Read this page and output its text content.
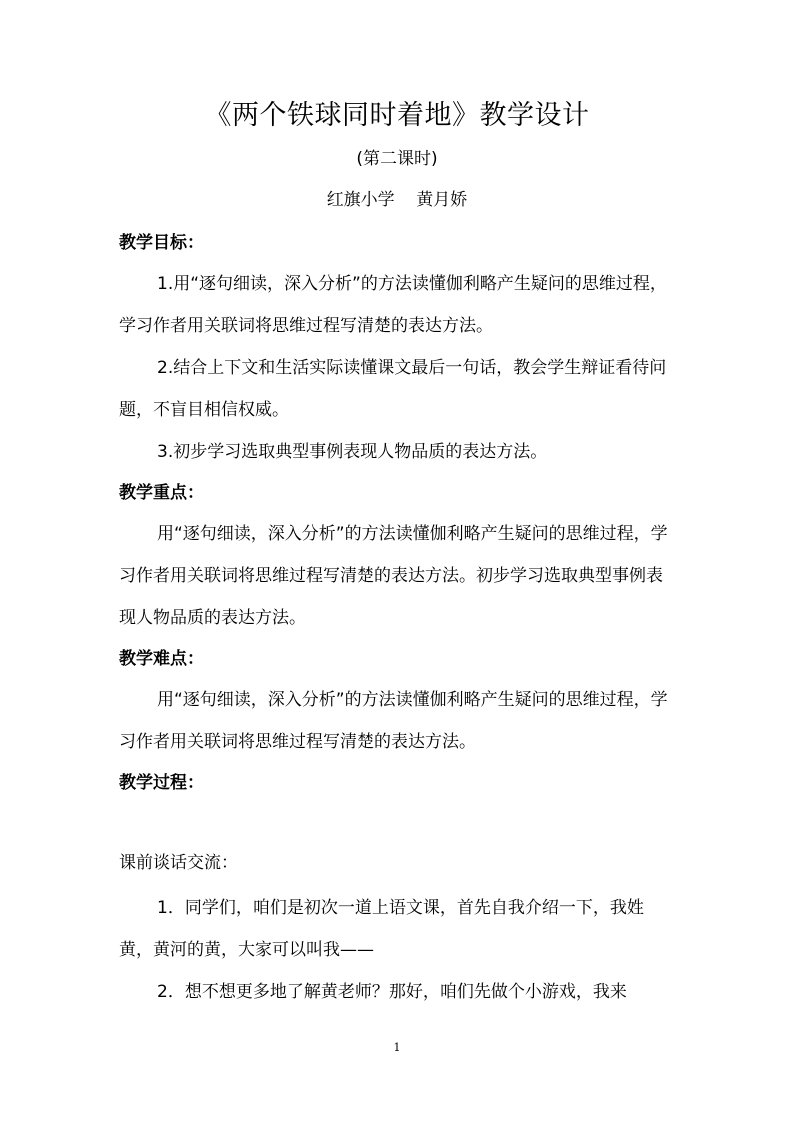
《两个铁球同时着地》教学设计
(第二课时)
红旗小学    黄月娇
教学目标：

1.用“逐句细读，深入分析”的方法读懂伽利略产生疑问的思维过程，学习作者用关联词将思维过程写清楚的表达方法。

2.结合上下文和生活实际读懂课文最后一句话，教会学生辩证看待问题，不盲目相信权威。

3.初步学习选取典型事例表现人物品质的表达方法。

教学重点：

用“逐句细读，深入分析”的方法读懂伽利略产生疑问的思维过程，学习作者用关联词将思维过程写清楚的表达方法。初步学习选取典型事例表现人物品质的表达方法。

教学难点：

用“逐句细读，深入分析”的方法读懂伽利略产生疑问的思维过程，学习作者用关联词将思维过程写清楚的表达方法。

教学过程：
课前谈话交流：

1．同学们，咱们是初次一道上语文课，首先自我介绍一下，我姓黄，黄河的黄，大家可以叫我——

2．想不想更多地了解黄老师？那好，咱们先做个小游戏，我来

1
